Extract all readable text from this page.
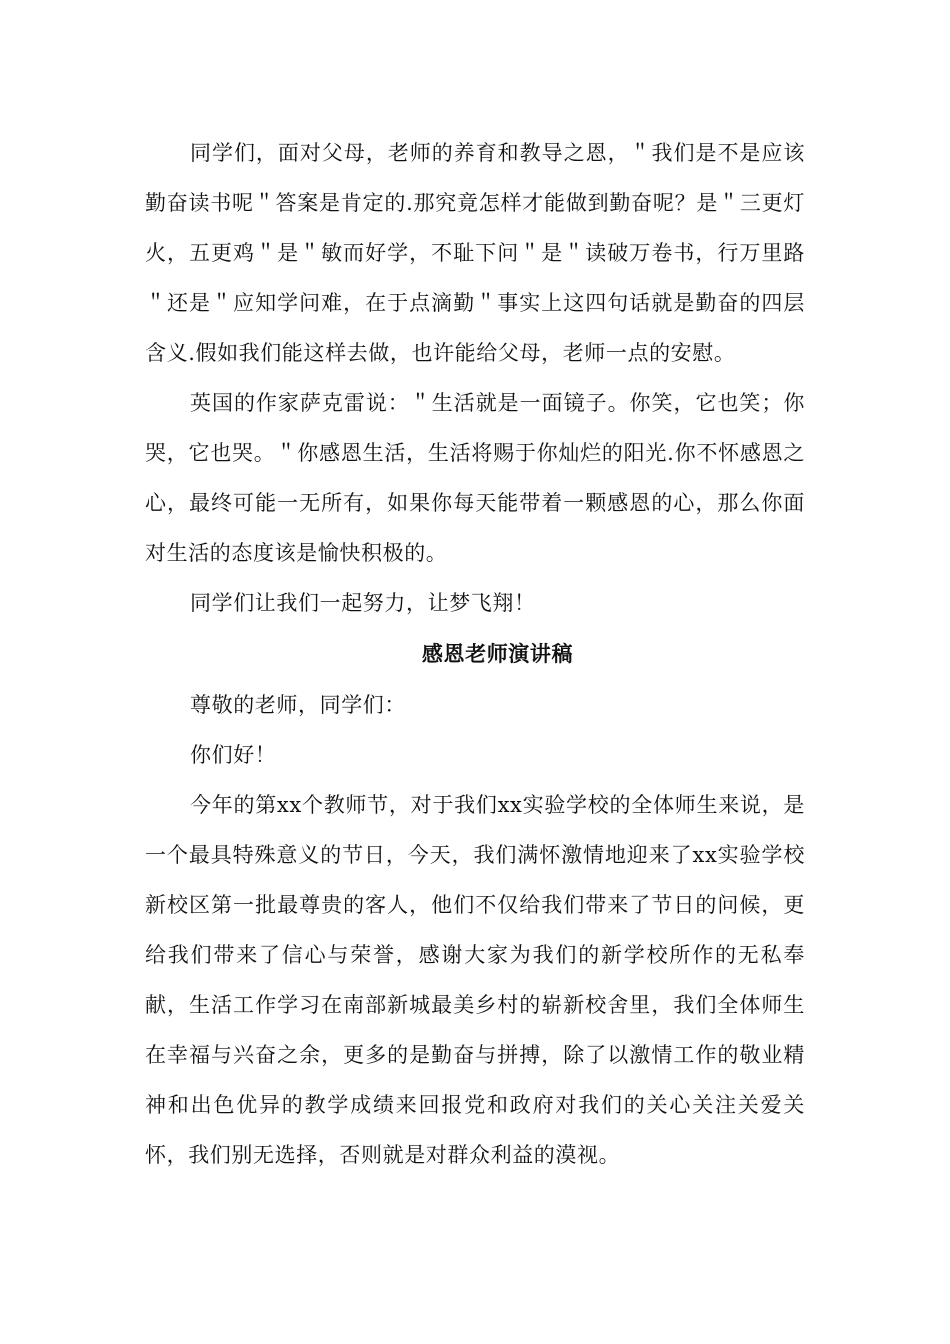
同学们，面对父母，老师的养育和教导之恩，＂我们是不是应该勤奋读书呢＂答案是肯定的.那究竟怎样才能做到勤奋呢？是＂三更灯火，五更鸡＂是＂敏而好学，不耻下问＂是＂读破万卷书，行万里路＂还是＂应知学问难，在于点滴勤＂事实上这四句话就是勤奋的四层含义.假如我们能这样去做，也许能给父母，老师一点的安慰。

英国的作家萨克雷说：＂生活就是一面镜子。你笑，它也笑；你哭，它也哭。＂你感恩生活，生活将赐于你灿烂的阳光.你不怀感恩之心，最终可能一无所有，如果你每天能带着一颗感恩的心，那么你面对生活的态度该是愉快积极的。

同学们让我们一起努力，让梦飞翔！

感恩老师演讲稿

尊敬的老师，同学们：

你们好！

今年的第xx个教师节，对于我们xx实验学校的全体师生来说，是一个最具特殊意义的节日，今天，我们满怀激情地迎来了xx实验学校新校区第一批最尊贵的客人，他们不仅给我们带来了节日的问候，更给我们带来了信心与荣誉，感谢大家为我们的新学校所作的无私奉献，生活工作学习在南部新城最美乡村的崭新校舍里，我们全体师生在幸福与兴奋之余，更多的是勤奋与拼搏，除了以激情工作的敬业精神和出色优异的教学成绩来回报党和政府对我们的关心关注关爱关怀，我们别无选择，否则就是对群众利益的漠视。
